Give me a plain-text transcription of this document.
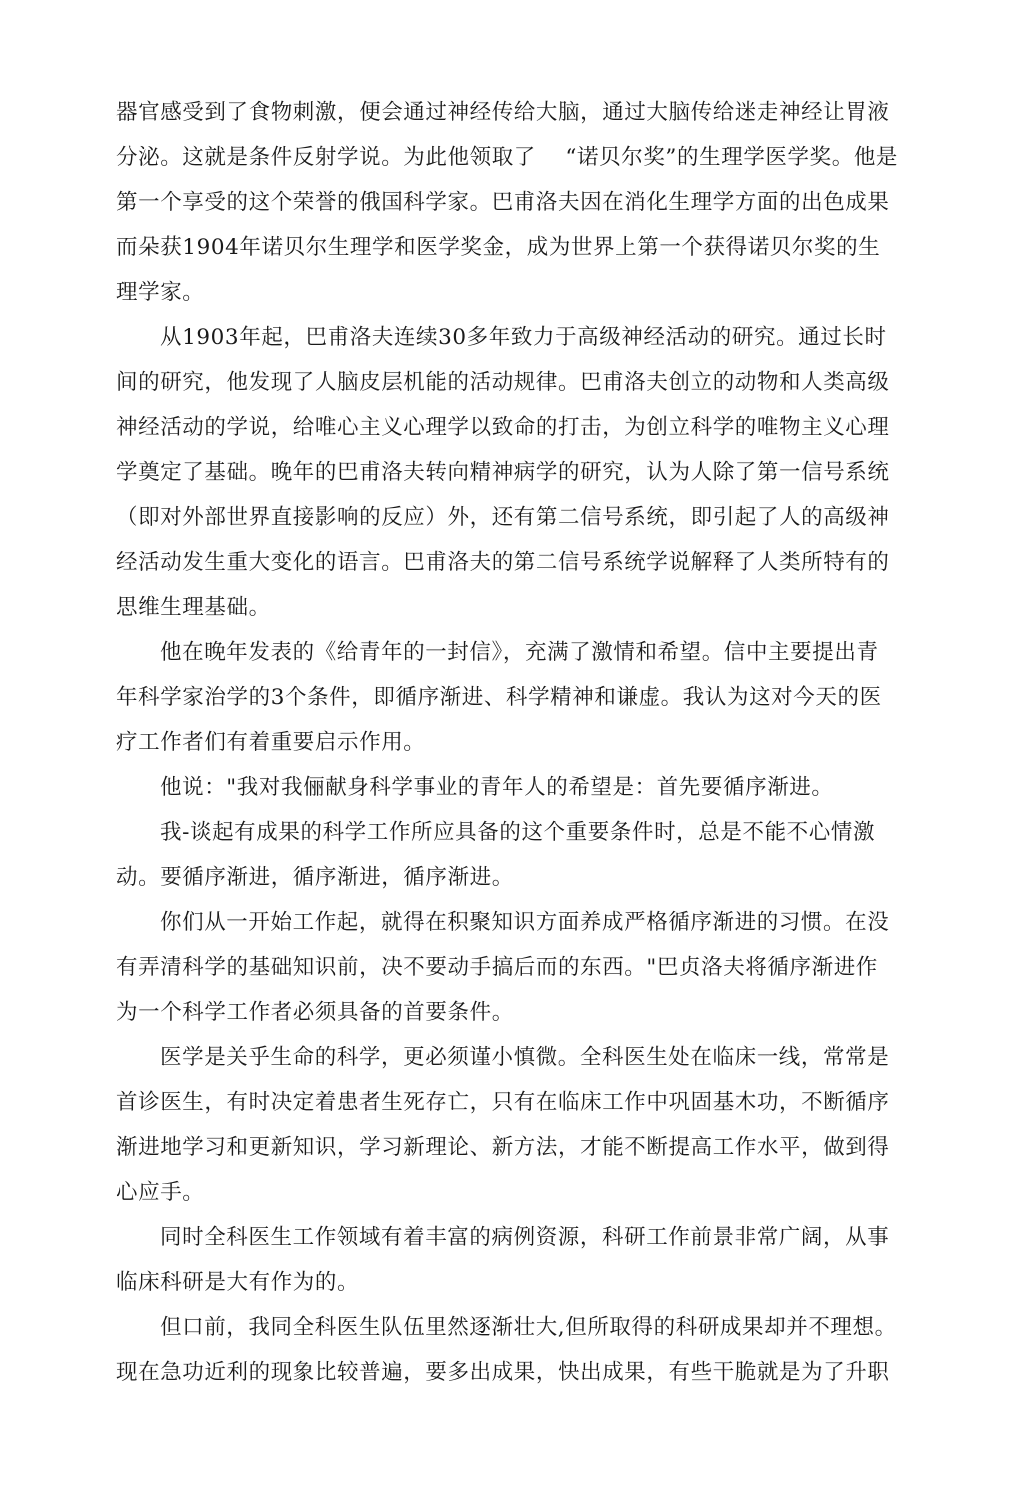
器官感受到了食物刺激，便会通过神经传给大脑，通过大脑传给迷走神经让胃液
分泌。这就是条件反射学说。为此他领取了　 “诺贝尔奖”的生理学医学奖。他是
第一个享受的这个荣誉的俄国科学家。巴甫洛夫因在消化生理学方面的出色成果
而朵获1904年诺贝尔生理学和医学奖金，成为世界上第一个获得诺贝尔奖的生
理学家。
从1903年起，巴甫洛夫连续30多年致力于高级神经活动的研究。通过长时
间的研究，他发现了人脑皮层机能的活动规律。巴甫洛夫创立的动物和人类高级
神经活动的学说，给唯心主义心理学以致命的打击，为创立科学的唯物主义心理
学奠定了基础。晚年的巴甫洛夫转向精神病学的研究，认为人除了第一信号系统
（即对外部世界直接影响的反应）外，还有第二信号系统，即引起了人的高级神
经活动发生重大变化的语言。巴甫洛夫的第二信号系统学说解释了人类所特有的
思维生理基础。
他在晚年发表的《给青年的一封信》，充满了激情和希望。信中主要提出青
年科学家治学的3个条件，即循序渐进、科学精神和谦虚。我认为这对今天的医
疗工作者们有着重要启示作用。
他说："我对我俪献身科学事业的青年人的希望是：首先要循序渐进。
我-谈起有成果的科学工作所应具备的这个重要条件时，总是不能不心情激
动。要循序渐进，循序渐进，循序渐进。
你们从一开始工作起，就得在积聚知识方面养成严格循序渐进的习惯。在没
有弄清科学的基础知识前，决不要动手搞后而的东西。"巴贞洛夫将循序渐进作
为一个科学工作者必须具备的首要条件。
医学是关乎生命的科学，更必须谨小慎微。全科医生处在临床一线，常常是
首诊医生，有时决定着患者生死存亡，只有在临床工作中巩固基木功，不断循序
渐进地学习和更新知识，学习新理论、新方法，才能不断提高工作水平，做到得
心应手。
同时全科医生工作领域有着丰富的病例资源，科研工作前景非常广阔，从事
临床科研是大有作为的。
但口前，我同全科医生队伍里然逐渐壮大,但所取得的科研成果却并不理想。
现在急功近利的现象比较普遍，要多出成果，快出成果，有些干脆就是为了升职
